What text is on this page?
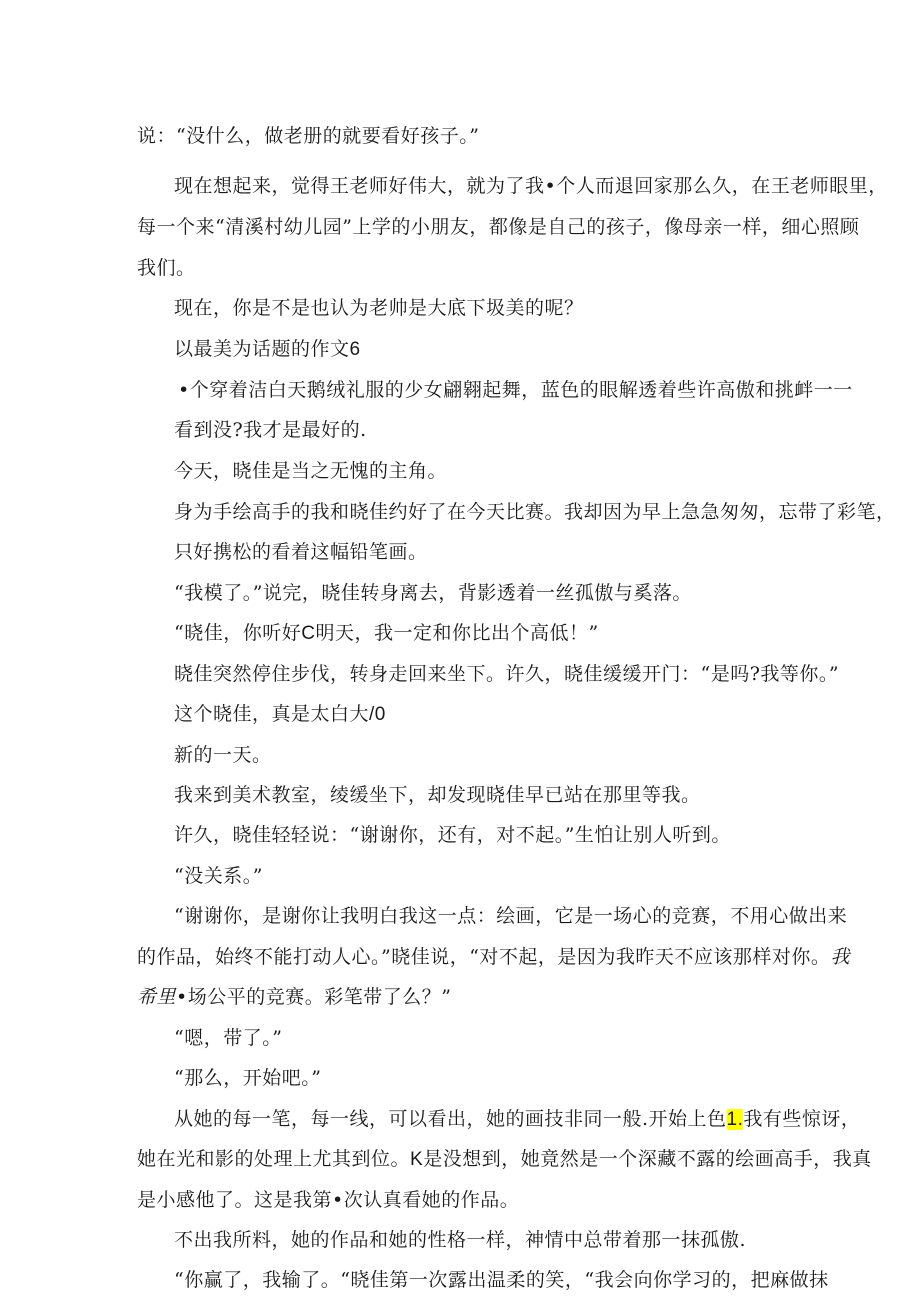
说：“没什么，做老册的就要看好孩子。”
现在想起来，觉得王老师好伟大，就为了我•个人而退回家那么久，在王老师眼里，
每一个来“清溪村幼儿园”上学的小朋友，都像是自己的孩子，像母亲一样，细心照顾
我们。
现在，你是不是也认为老帅是大底下圾美的呢？
以最美为话题的作文6
•个穿着洁白天鹅绒礼服的少女翩翱起舞，蓝色的眼解透着些许高傲和挑衅一一
看到没?我才是最好的.
今天，晓佳是当之无愧的主角。
身为手绘高手的我和晓佳约好了在今天比赛。我却因为早上急急匆匆，忘带了彩笔，
只好携松的看着这幅铅笔画。
“我模了。”说完，晓佳转身离去，背影透着一丝孤傲与奚落。
“晓佳，你听好C明天，我一定和你比出个高低！”
晓佳突然停住步伐，转身走回来坐下。许久，晓佳缓缓开门：“是吗?我等你。”
这个晓佳，真是太白大/0
新的一天。
我来到美术教室，绫缓坐下，却发现晓佳早已站在那里等我。
许久，晓佳轻轻说：“谢谢你，还有，对不起。”生怕让别人听到。
“没关系。”
“谢谢你，是谢你让我明白我这一点：绘画，它是一场心的竞赛，不用心做出来
的作品，始终不能打动人心。”晓佳说，“对不起，是因为我昨天不应该那样对你。我
希里•场公平的竞赛。彩笔带了么？”
“嗯，带了。”
“那么，开始吧。”
从她的每一笔，每一线，可以看出，她的画技非同一般.开始上色1.我有些惊讶，
她在光和影的处理上尤其到位。K是没想到，她竟然是一个深藏不露的绘画高手，我真
是小感他了。这是我第•次认真看她的作品。
不出我所料，她的作品和她的性格一样，神情中总带着那一抹孤傲.
“你赢了，我输了。“晓佳第一次露出温柔的笑，“我会向你学习的，把麻做抹
